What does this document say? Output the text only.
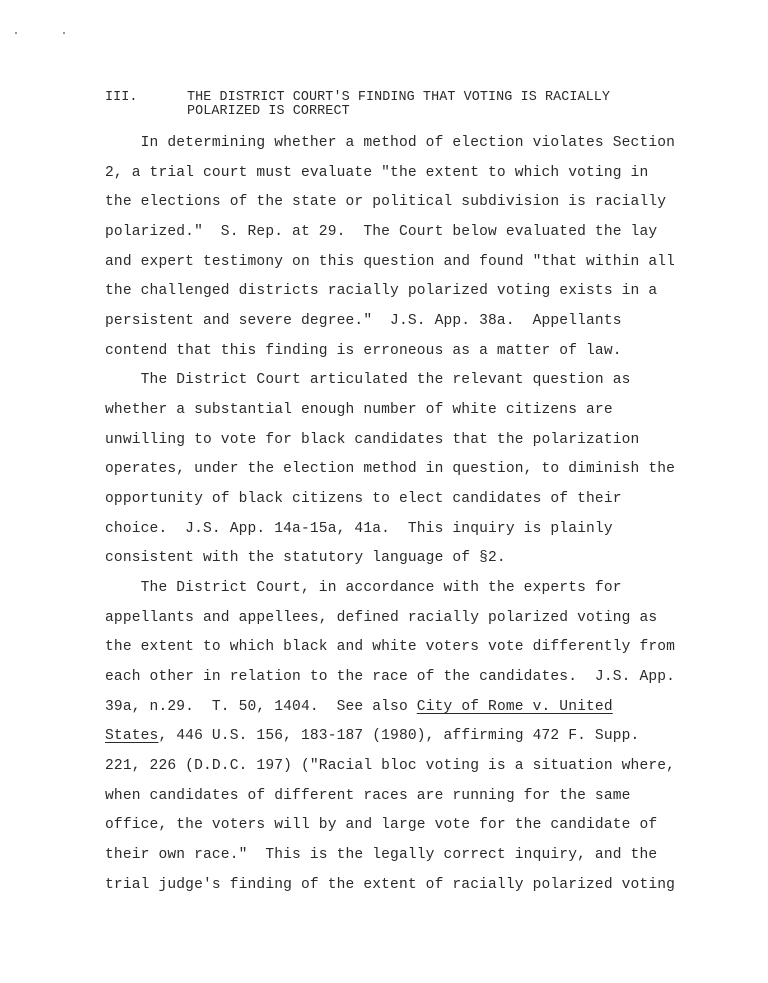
III.	THE DISTRICT COURT'S FINDING THAT VOTING IS RACIALLY
POLARIZED IS CORRECT
In determining whether a method of election violates Section
2, a trial court must evaluate "the extent to which voting in
the elections of the state or political subdivision is racially
polarized."  S. Rep. at 29.  The Court below evaluated the lay
and expert testimony on this question and found "that within all
the challenged districts racially polarized voting exists in a
persistent and severe degree."  J.S. App. 38a.  Appellants
contend that this finding is erroneous as a matter of law.
The District Court articulated the relevant question as
whether a substantial enough number of white citizens are
unwilling to vote for black candidates that the polarization
operates, under the election method in question, to diminish the
opportunity of black citizens to elect candidates of their
choice.  J.S. App. 14a-15a, 41a.  This inquiry is plainly
consistent with the statutory language of §2.
The District Court, in accordance with the experts for
appellants and appellees, defined racially polarized voting as
the extent to which black and white voters vote differently from
each other in relation to the race of the candidates.  J.S. App.
39a, n.29.  T. 50, 1404.  See also City of Rome v. United
States, 446 U.S. 156, 183-187 (1980), affirming 472 F. Supp.
221, 226 (D.D.C. 197) ("Racial bloc voting is a situation where,
when candidates of different races are running for the same
office, the voters will by and large vote for the candidate of
their own race."  This is the legally correct inquiry, and the
trial judge's finding of the extent of racially polarized voting
